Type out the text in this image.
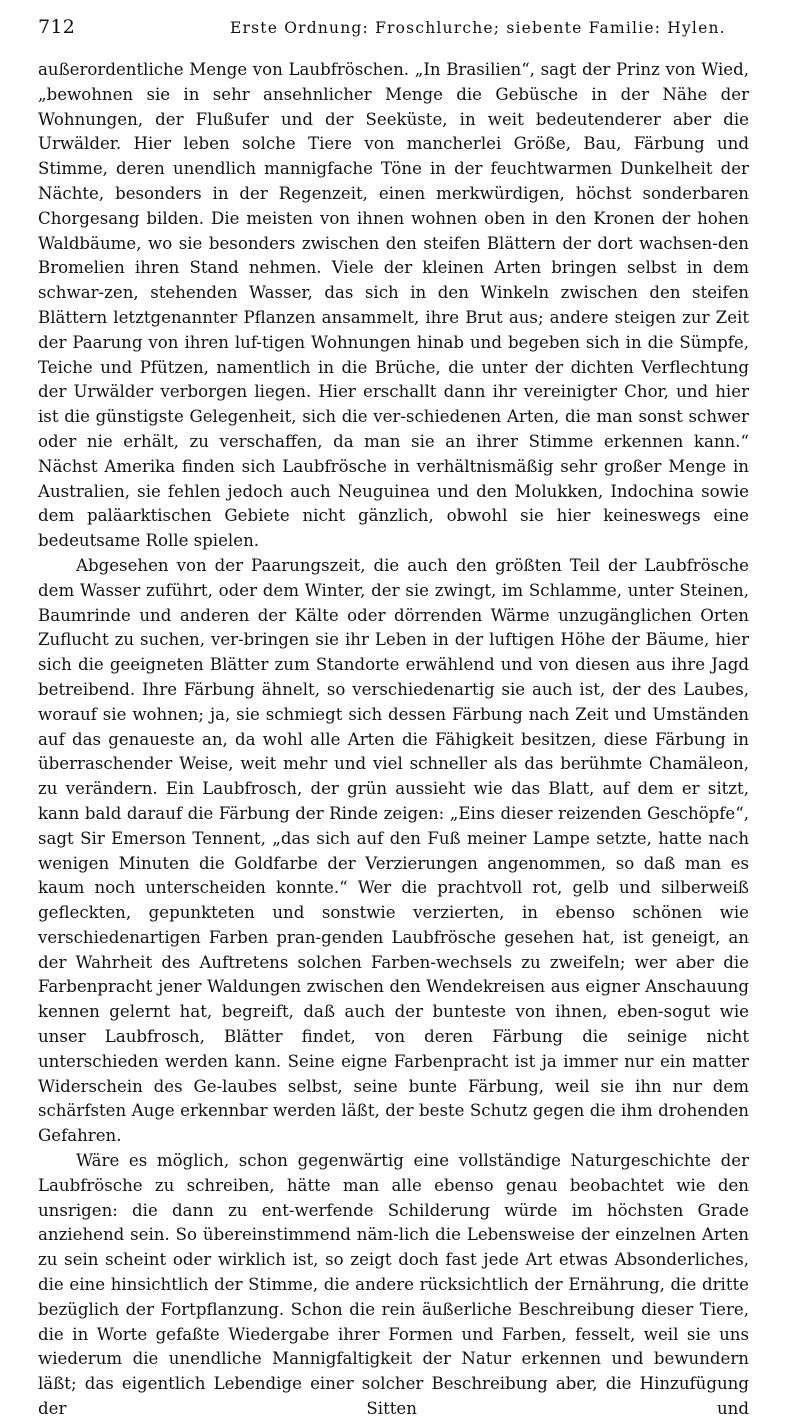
712	Erste Ordnung: Froschlurche; siebente Familie: Hylen.

außerordentliche Menge von Laubfröschen. „In Brasilien“, sagt der Prinz von Wied, „bewohnen sie in sehr ansehnlicher Menge die Gebüsche in der Nähe der Wohnungen, der Flußufer und der Seeküste, in weit bedeutenderer aber die Urwälder. Hier leben solche Tiere von mancherlei Größe, Bau, Färbung und Stimme, deren unendlich mannigfache Töne in der feuchtwarmen Dunkelheit der Nächte, besonders in der Regenzeit, einen merkwürdigen, höchst sonderbaren Chorgesang bilden. Die meisten von ihnen wohnen oben in den Kronen der hohen Waldbäume, wo sie besonders zwischen den steifen Blättern der dort wachsen-den Bromelien ihren Stand nehmen. Viele der kleinen Arten bringen selbst in dem schwar-zen, stehenden Wasser, das sich in den Winkeln zwischen den steifen Blättern letztgenannter Pflanzen ansammelt, ihre Brut aus; andere steigen zur Zeit der Paarung von ihren luf-tigen Wohnungen hinab und begeben sich in die Sümpfe, Teiche und Pfützen, namentlich in die Brüche, die unter der dichten Verflechtung der Urwälder verborgen liegen. Hier erschallt dann ihr vereinigter Chor, und hier ist die günstigste Gelegenheit, sich die ver-schiedenen Arten, die man sonst schwer oder nie erhält, zu verschaffen, da man sie an ihrer Stimme erkennen kann.“ Nächst Amerika finden sich Laubfrösche in verhältnismäßig sehr großer Menge in Australien, sie fehlen jedoch auch Neuguinea und den Molukken, Indochina sowie dem paläarktischen Gebiete nicht gänzlich, obwohl sie hier keineswegs eine bedeutsame Rolle spielen.

Abgesehen von der Paarungszeit, die auch den größten Teil der Laubfrösche dem Wasser zuführt, oder dem Winter, der sie zwingt, im Schlamme, unter Steinen, Baumrinde und anderen der Kälte oder dörrenden Wärme unzugänglichen Orten Zuflucht zu suchen, ver-bringen sie ihr Leben in der luftigen Höhe der Bäume, hier sich die geeigneten Blätter zum Standorte erwählend und von diesen aus ihre Jagd betreibend. Ihre Färbung ähnelt, so verschiedenartig sie auch ist, der des Laubes, worauf sie wohnen; ja, sie schmiegt sich dessen Färbung nach Zeit und Umständen auf das genaueste an, da wohl alle Arten die Fähigkeit besitzen, diese Färbung in überraschender Weise, weit mehr und viel schneller als das berühmte Chamäleon, zu verändern. Ein Laubfrosch, der grün aussieht wie das Blatt, auf dem er sitzt, kann bald darauf die Färbung der Rinde zeigen: „Eins dieser reizenden Geschöpfe“, sagt Sir Emerson Tennent, „das sich auf den Fuß meiner Lampe setzte, hatte nach wenigen Minuten die Goldfarbe der Verzierungen angenommen, so daß man es kaum noch unterscheiden konnte.“ Wer die prachtvoll rot, gelb und silberweiß gefleckten, gepunkteten und sonstwie verzierten, in ebenso schönen wie verschiedenartigen Farben pran-genden Laubfrösche gesehen hat, ist geneigt, an der Wahrheit des Auftretens solchen Farben-wechsels zu zweifeln; wer aber die Farbenpracht jener Waldungen zwischen den Wendekreisen aus eigner Anschauung kennen gelernt hat, begreift, daß auch der bunteste von ihnen, eben-sogut wie unser Laubfrosch, Blätter findet, von deren Färbung die seinige nicht unterschieden werden kann. Seine eigne Farbenpracht ist ja immer nur ein matter Widerschein des Ge-laubes selbst, seine bunte Färbung, weil sie ihn nur dem schärfsten Auge erkennbar werden läßt, der beste Schutz gegen die ihm drohenden Gefahren.

Wäre es möglich, schon gegenwärtig eine vollständige Naturgeschichte der Laubfrösche zu schreiben, hätte man alle ebenso genau beobachtet wie den unsrigen: die dann zu ent-werfende Schilderung würde im höchsten Grade anziehend sein. So übereinstimmend näm-lich die Lebensweise der einzelnen Arten zu sein scheint oder wirklich ist, so zeigt doch fast jede Art etwas Absonderliches, die eine hinsichtlich der Stimme, die andere rücksichtlich der Ernährung, die dritte bezüglich der Fortpflanzung. Schon die rein äußerliche Beschreibung dieser Tiere, die in Worte gefaßte Wiedergabe ihrer Formen und Farben, fesselt, weil sie uns wiederum die unendliche Mannigfaltigkeit der Natur erkennen und bewundern läßt; das eigentlich Lebendige einer solcher Beschreibung aber, die Hinzufügung der Sitten und
